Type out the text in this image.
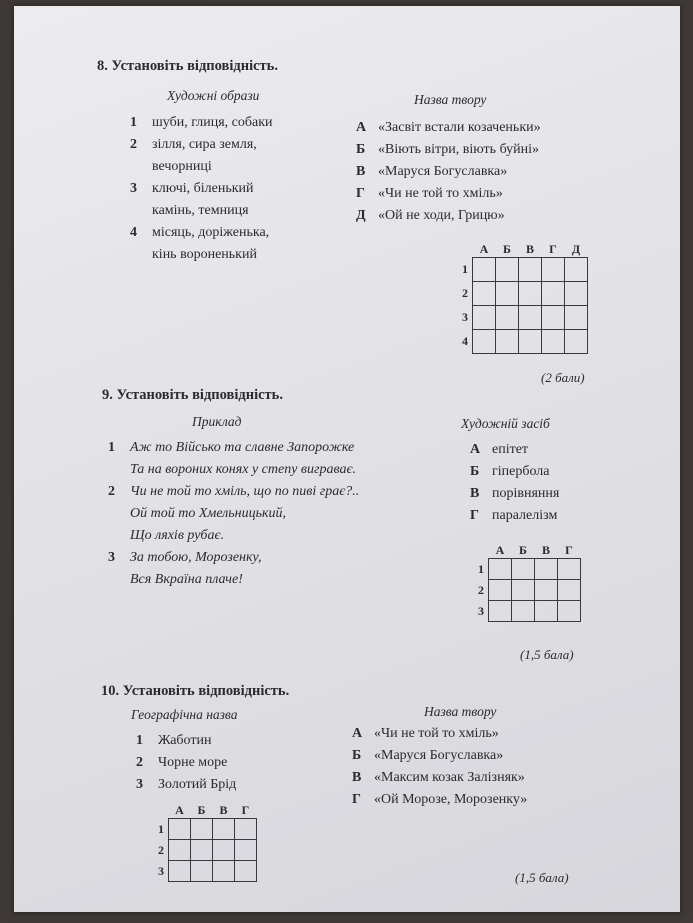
8. Установіть відповідність.
Художні образи	Назва твору
1 шуби, глиця, собаки
2 зілля, сира земля,
вечорниці
3 ключі, біленький
камінь, темниця
4 місяць, доріженька,
кінь вороненький
А «Засвіт встали козаченьки»
Б «Віють вітри, віють буйні»
В «Маруся Богуславка»
Г «Чи не той то хміль»
Д «Ой не ходи, Грицю»
	А	Б	В	Г	Д
1					
2					
3					
4					
(2 бали)
9. Установіть відповідність.
Приклад	Художній засіб
1 Аж то Військо та славне Запорожке
Та на вороних конях у степу виграває.
2 Чи не той то хміль, що по пиві грає?..
Ой той то Хмельницький,
Що ляхів рубає.
3 За тобою, Морозенку,
Вся Вкраїна плаче!
А епітет
Б гіпербола
В порівняння
Г паралелізм
	А	Б	В	Г
1				
2				
3				
(1,5 бала)
10. Установіть відповідність.
Географічна назва	Назва твору
1 Жаботин
2 Чорне море
3 Золотий Брід
А «Чи не той то хміль»
Б «Маруся Богуславка»
В «Максим козак Залізняк»
Г «Ой Морозе, Морозенку»
	А	Б	В	Г
1				
2				
3					(1,5 бала)
